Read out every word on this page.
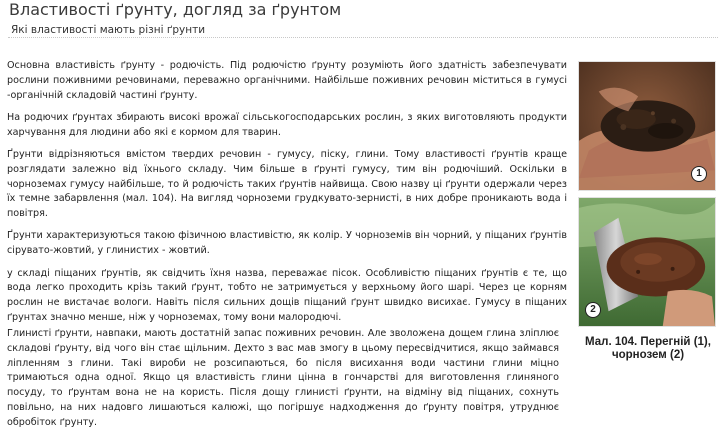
Властивості ґрунту, догляд за ґрунтом
Які властивості мають різні ґрунти

Основна властивість ґрунту - родючість. Під родючістю ґрунту розуміють його здатність забезпечувати рослини поживними речовинами, переважно органічними. Найбільше поживних речовин міститься в гумусі -органічній складовій частині ґрунту.

На родючих ґрунтах збирають високі врожаї сільськогосподарських рослин, з яких виготовляють продукти харчування для людини або які є кормом для тварин.

Ґрунти відрізняються вмістом твердих речовин - гумусу, піску, глини. Тому властивості ґрунтів краще розглядати залежно від їхнього складу. Чим більше в ґрунті гумусу, тим він родючіший. Оскільки в чорноземах гумусу найбільше, то й родючість таких ґрунтів найвища. Свою назву ці ґрунти одержали через їх темне забарвлення (мал. 104). На вигляд чорноземи грудкувато-зернисті, в них добре проникають вода і повітря.

Ґрунти характеризуються такою фізичною властивістю, як колір. У чорноземів він чорний, у піщаних ґрунтів сірувато-жовтий, у глинистих - жовтий.

у складі піщаних ґрунтів, як свідчить їхня назва, переважає пісок. Особливістю піщаних ґрунтів є те, що вода легко проходить крізь такий ґрунт, тобто не затримується у верхньому його шарі. Через це корням рослин не вистачає вологи. Навіть після сильних дощів піщаний ґрунт швидко висихає. Гумусу в піщаних ґрунтах значно менше, ніж у чорноземах, тому вони малородючі.

Глинисті ґрунти, навпаки, мають достатній запас поживних речовин. Але зволожена дощем глина злiплює складові ґрунту, від чого він стає щільним. Дехто з вас мав змогу в цьому пересвідчитися, якщо займався ліпленням з глини. Такі вироби не розсипаються, бо після висихання води частини глини міцно тримаються одна одної. Якщо ця властивість глини цінна в гончарстві для виготовлення глиняного посуду, то ґрунтам вона не на користь. Після дощу глинисті ґрунти, на відміну від піщаних, сохнуть повільно, на них надовго лишаються калюжі, що погіршує надходження до ґрунту повітря, утруднює обробіток ґрунту.
1
2
Мал. 104. Перегній (1), чорнозем (2)
